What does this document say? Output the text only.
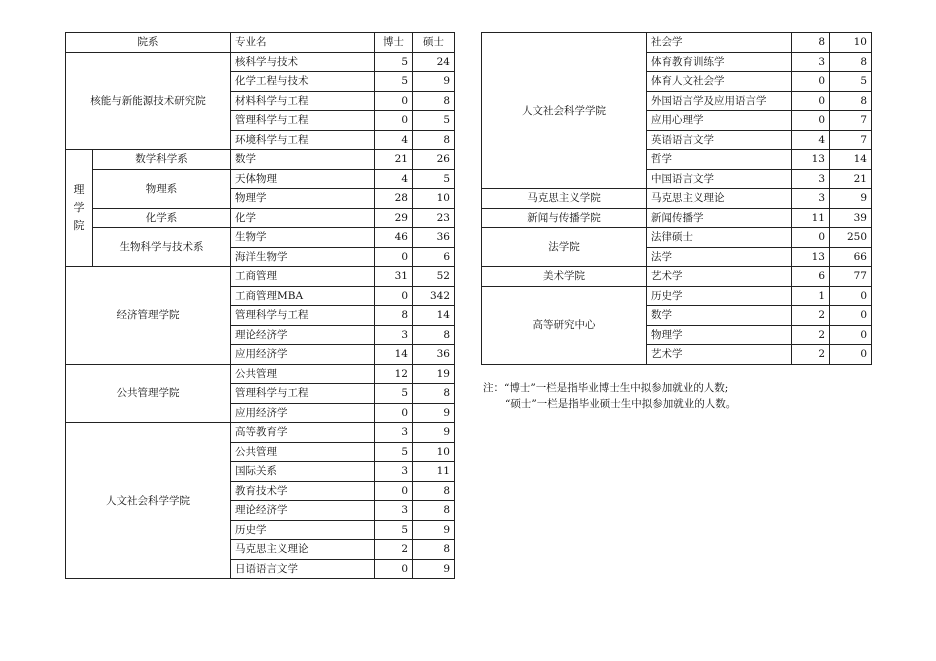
院系		专业名	博士	硕士
核能与新能源技术研究院		核科学与技术	5	24
		化学工程与技术	5	9
		材料科学与工程	0	8
		管理科学与工程	0	5
		环境科学与工程	4	8

理
学
院	数学科学系	数学	21	26
	物理系	天体物理	4	5
		物理学	28	10
	化学系	化学	29	23
	生物科学与技术系	生物学	46	36
		海洋生物学	0	6
经济管理学院		工商管理	31	52
		工商管理MBA	0	342
		管理科学与工程	8	14
		理论经济学	3	8
		应用经济学	14	36
公共管理学院		公共管理	12	19
		管理科学与工程	5	8
		应用经济学	0	9
人文社会科学学院		高等教育学	3	9
		公共管理	5	10
		国际关系	3	11
		教育技术学	0	8
		理论经济学	3	8
		历史学	5	9
		马克思主义理论	2	8
		日语语言文学	0	9
人文社会科学学院	社会学	8	10
	体育教育训练学	3	8
	体育人文社会学	0	5
	外国语言学及应用语言学	0	8
	应用心理学	0	7
	英语语言文学	4	7
	哲学	13	14
	中国语言文学	3	21
马克思主义学院	马克思主义理论	3	9
新闻与传播学院	新闻传播学	11	39
法学院	法律硕士	0	250
	法学	13	66
美术学院	艺术学	6	77
高等研究中心	历史学	1	0
	数学	2	0
	物理学	2	0
	艺术学	2	0
注：“博士”一栏是指毕业博士生中拟参加就业的人数;
“硕士”一栏是指毕业硕士生中拟参加就业的人数。
